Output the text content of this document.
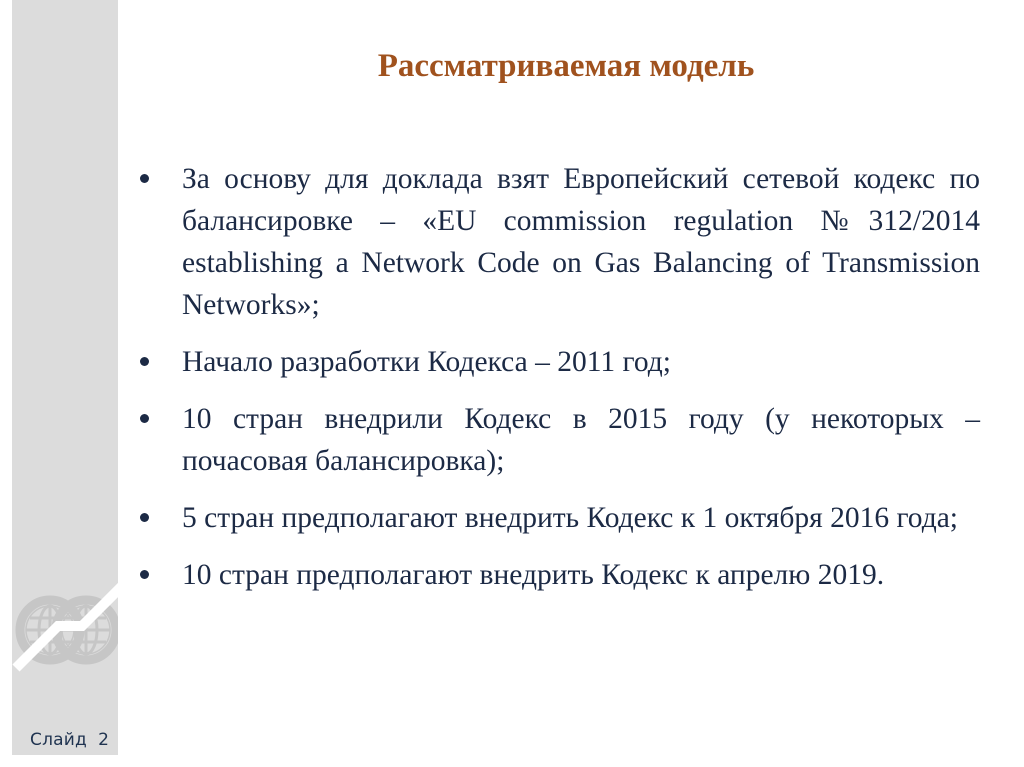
Слайд  2
Рассматриваемая модель
За основу для доклада взят Европейский сетевой кодекс по балансировке – «EU commission regulation №312/2014 establishing a Network Code on Gas Balancing of Transmission Networks»;
Начало разработки Кодекса – 2011 год;
10 стран внедрили Кодекс в 2015 году (у некоторых – почасовая балансировка);
5 стран предполагают внедрить Кодекс к 1 октября 2016 года;
10 стран предполагают внедрить Кодекс к апрелю 2019.
